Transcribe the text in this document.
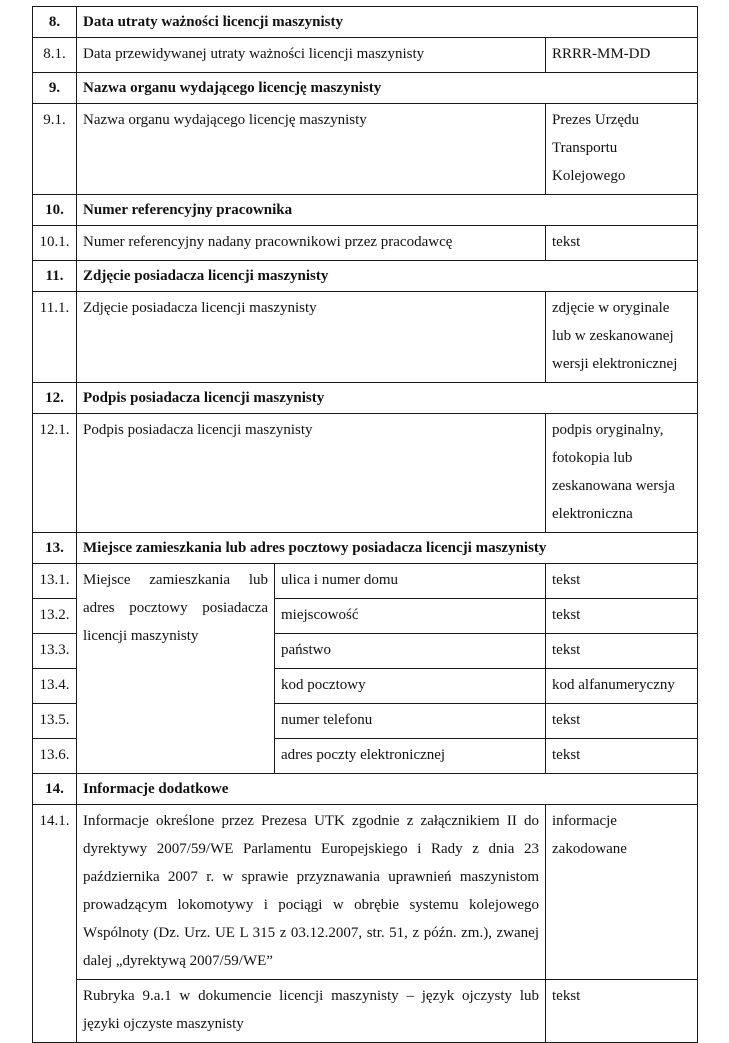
8.	Data utraty ważności licencji maszynisty		
8.1.	Data przewidywanej utraty ważności licencji maszynisty		RRRR-MM-DD
9.	Nazwa organu wydającego licencję maszynisty		
9.1.	Nazwa organu wydającego licencję maszynisty		Prezes Urzędu Transportu Kolejowego
10.	Numer referencyjny pracownika		
10.1.	Numer referencyjny nadany pracownikowi przez pracodawcę		tekst
11.	Zdjęcie posiadacza licencji maszynisty		
11.1.	Zdjęcie posiadacza licencji maszynisty		zdjęcie w oryginale lub w zeskanowanej wersji elektronicznej
12.	Podpis posiadacza licencji maszynisty		
12.1.	Podpis posiadacza licencji maszynisty		podpis oryginalny, fotokopia lub zeskanowana wersja elektroniczna
13.	Miejsce zamieszkania lub adres pocztowy posiadacza licencji maszynisty		
13.1.	Miejsce zamieszkania lub adres pocztowy posiadacza licencji maszynisty	ulica i numer domu	tekst
13.2.		miejscowość	tekst
13.3.		państwo	tekst
13.4.		kod pocztowy	kod alfanumeryczny
13.5.		numer telefonu	tekst
13.6.		adres poczty elektronicznej	tekst
14.	Informacje dodatkowe		
14.1.	Informacje określone przez Prezesa UTK zgodnie z załącznikiem II do dyrektywy 2007/59/WE Parlamentu Europejskiego i Rady z dnia 23 października 2007 r. w sprawie przyznawania uprawnień maszynistom prowadzącym lokomotywy i pociągi w obrębie systemu kolejowego Wspólnoty (Dz. Urz. UE L 315 z 03.12.2007, str. 51, z późn. zm.), zwanej dalej „dyrektywą 2007/59/WE”		informacje zakodowane
	Rubryka 9.a.1 w dokumencie licencji maszynisty – język ojczysty lub języki ojczyste maszynisty		tekst
